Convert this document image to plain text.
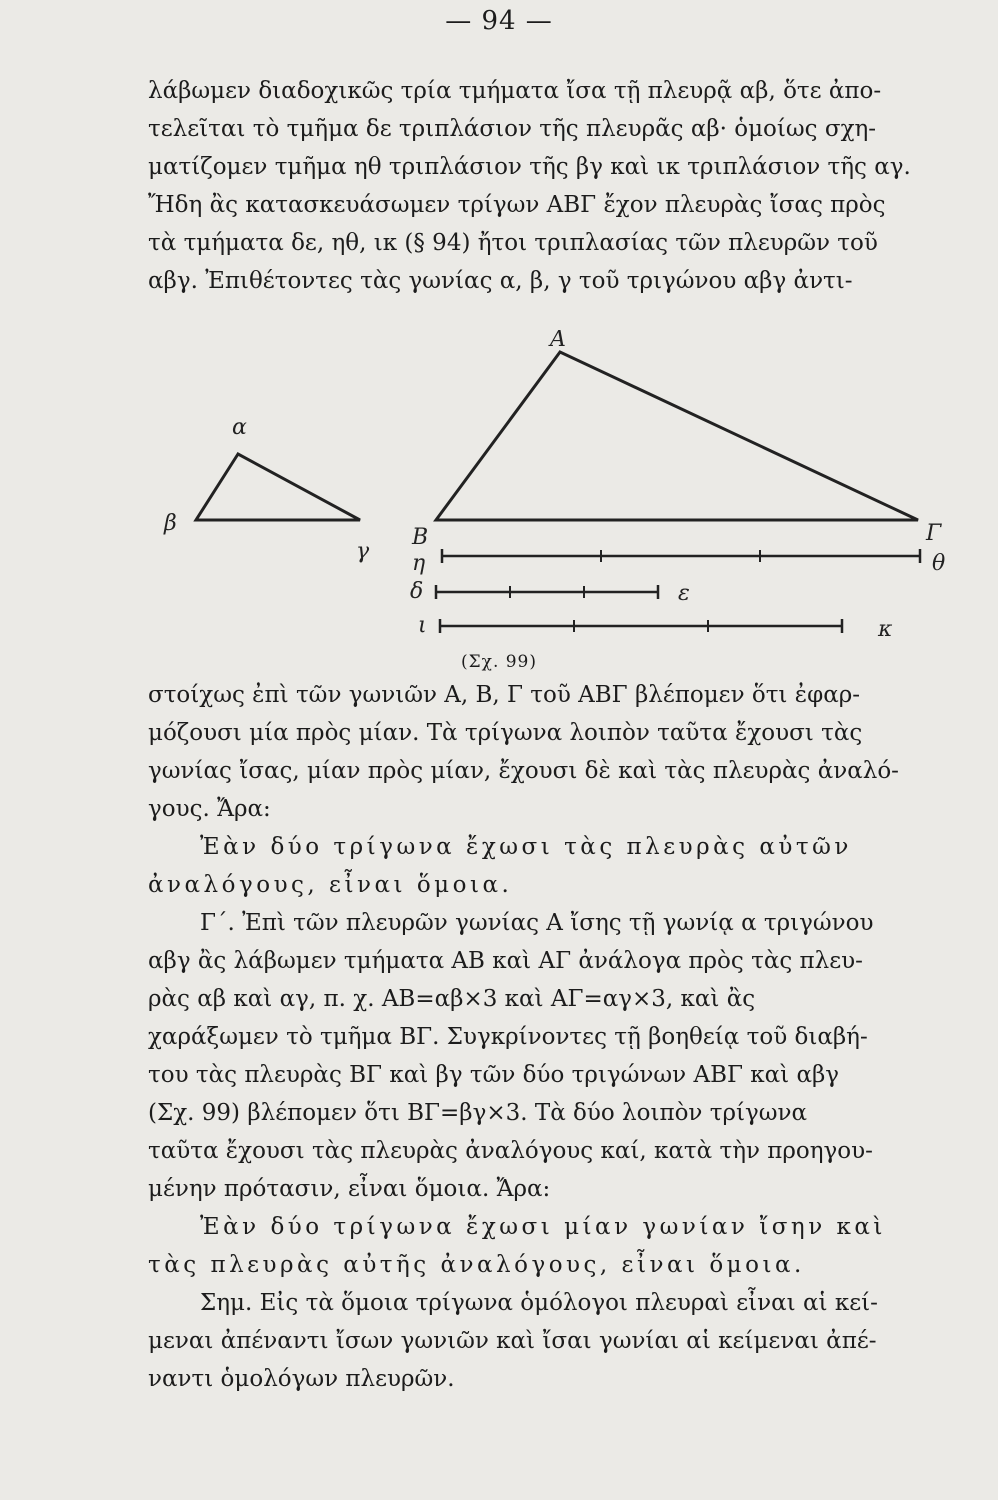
— 94 —
λάβωμεν διαδοχικῶς τρία τμήματα ἴσα τῇ πλευρᾷ αβ, ὅτε ἀπο-
τελεῖται τὸ τμῆμα δε τριπλάσιον τῆς πλευρᾶς αβ· ὁμοίως σχη-
ματίζομεν τμῆμα ηθ τριπλάσιον τῆς βγ καὶ ικ τριπλάσιον τῆς αγ.
Ἤδη ἂς κατασκευάσωμεν τρίγων ΑΒΓ ἔχον πλευρὰς ἴσας πρὸς
τὰ τμήματα δε, ηθ, ικ (§ 94) ἤτοι τριπλασίας τῶν πλευρῶν τοῦ
αβγ. Ἐπιθέτοντες τὰς γωνίας α, β, γ τοῦ τριγώνου αβγ ἀντι-
α
β
γ
Α
Β	Γ
η	θ
δ	ε
ι	κ
(Σχ. 99)
στοίχως ἐπὶ τῶν γωνιῶν Α, Β, Γ τοῦ ΑΒΓ βλέπομεν ὅτι ἐφαρ-
μόζουσι μία πρὸς μίαν. Τὰ τρίγωνα λοιπὸν ταῦτα ἔχουσι τὰς
γωνίας ἴσας, μίαν πρὸς μίαν, ἔχουσι δὲ καὶ τὰς πλευρὰς ἀναλό-
γους. Ἄρα:
Ἐὰν δύο τρίγωνα ἔχωσι τὰς πλευρὰς αὐτῶν
ἀναλόγους, εἶναι ὅμοια.
Γ΄. Ἐπὶ τῶν πλευρῶν γωνίας Α ἴσης τῇ γωνίᾳ α τριγώνου
αβγ ἂς λάβωμεν τμήματα ΑΒ καὶ ΑΓ ἀνάλογα πρὸς τὰς πλευ-
ρὰς αβ καὶ αγ, π. χ. ΑΒ=αβ×3 καὶ ΑΓ=αγ×3, καὶ ἂς
χαράξωμεν τὸ τμῆμα ΒΓ. Συγκρίνοντες τῇ βοηθείᾳ τοῦ διαβή-
του τὰς πλευρὰς ΒΓ καὶ βγ τῶν δύο τριγώνων ΑΒΓ καὶ αβγ
(Σχ. 99) βλέπομεν ὅτι ΒΓ=βγ×3. Τὰ δύο λοιπὸν τρίγωνα
ταῦτα ἔχουσι τὰς πλευρὰς ἀναλόγους καί, κατὰ τὴν προηγου-
μένην πρότασιν, εἶναι ὅμοια. Ἄρα:
Ἐὰν δύο τρίγωνα ἔχωσι μίαν γωνίαν ἴσην καὶ
τὰς πλευρὰς αὐτῆς ἀναλόγους, εἶναι ὅμοια.
Σημ. Εἰς τὰ ὅμοια τρίγωνα ὁμόλογοι πλευραὶ εἶναι αἱ κεί-
μεναι ἀπέναντι ἴσων γωνιῶν καὶ ἴσαι γωνίαι αἱ κείμεναι ἀπέ-
ναντι ὁμολόγων πλευρῶν.
